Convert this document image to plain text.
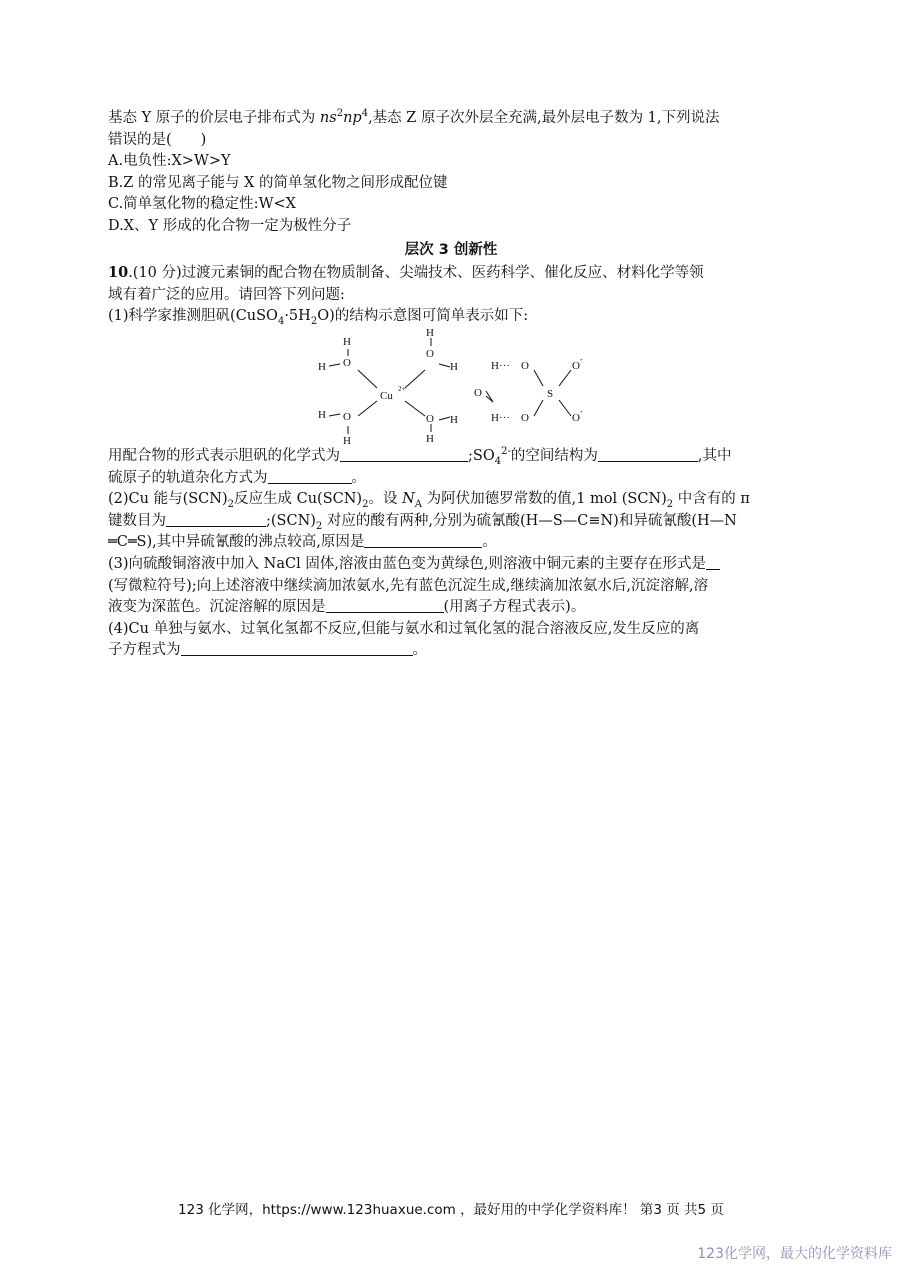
基态 Y 原子的价层电子排布式为 $ns^2np^4$,基态 Z 原子次外层全充满,最外层电子数为 1,下列说法
错误的是(　　)
A.电负性:X>W>Y
B.Z 的常见离子能与 X 的简单氢化物之间形成配位键
C.简单氢化物的稳定性:W<X
D.X、Y 形成的化合物一定为极性分子
层次 3 创新性
10.(10 分)过渡元素铜的配合物在物质制备、尖端技术、医药科学、催化反应、材料化学等领
域有着广泛的应用。请回答下列问题:
(1)科学家推测胆矾$(CuSO_4\cdot 5H_2O)$的结构示意图可简单表示如下:
H
H
H
H
H	H
H
H
O
O
O	O
O
Cu
2+
H···
H···
O
O
S
O
-
O
-
用配合物的形式表示胆矾的化学式为	$;SO_4^{2-}$的空间结构为	,其中
硫原子的轨道杂化方式为	。
(2)Cu 能与$(SCN)_2$反应生成 $Cu(SCN)_2$。设 $N_A$ 为阿伏加德罗常数的值,1 mol $(SCN)_2$ 中含有的 π
键数目为	$;(SCN)_2$ 对应的酸有两种,分别为硫氰酸(H—S—C≡N)和异硫氰酸(H—N
═C═S),其中异硫氰酸的沸点较高,原因是	。
(3)向硫酸铜溶液中加入 NaCl 固体,溶液由蓝色变为黄绿色,则溶液中铜元素的主要存在形式是
(写微粒符号);向上述溶液中继续滴加浓氨水,先有蓝色沉淀生成,继续滴加浓氨水后,沉淀溶解,溶
液变为深蓝色。沉淀溶解的原因是	(用离子方程式表示)。
(4)Cu 单独与氨水、过氧化氢都不反应,但能与氨水和过氧化氢的混合溶液反应,发生反应的离
子方程式为	。
123 化学网，https://www.123huaxue.com ，最好用的中学化学资料库！ 第3 页 共5 页
123化学网，最大的化学资料库
